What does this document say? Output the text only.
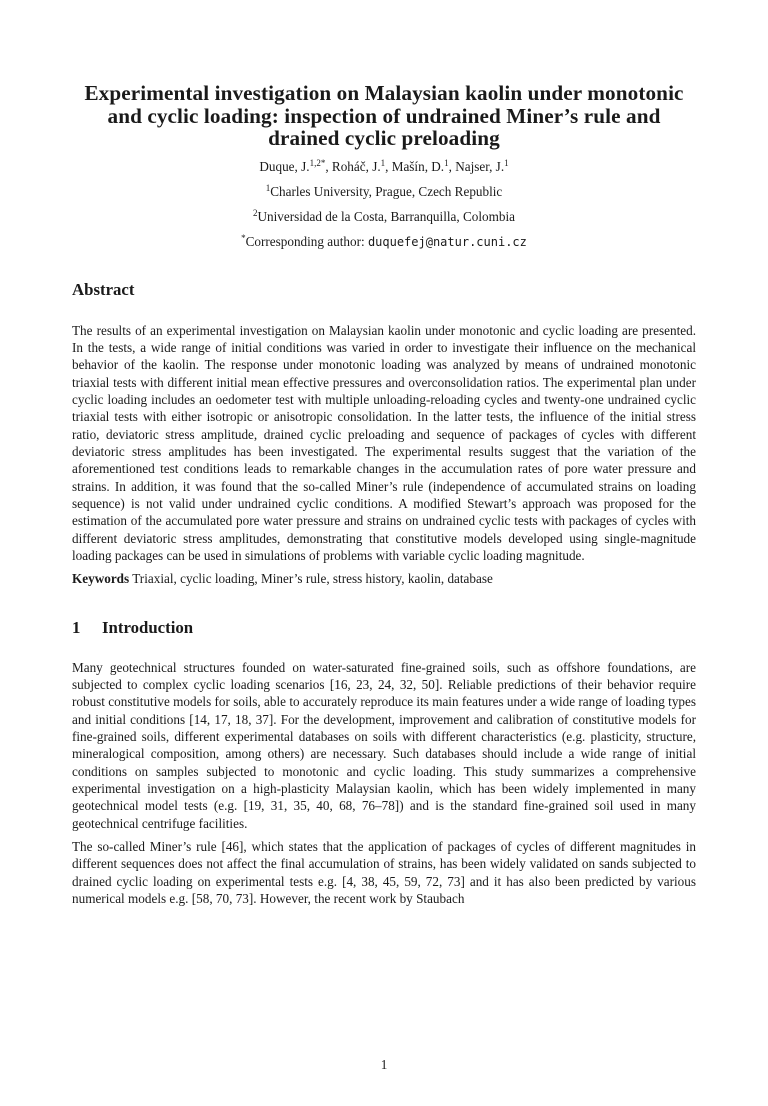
Experimental investigation on Malaysian kaolin under monotonic and cyclic loading: inspection of undrained Miner’s rule and drained cyclic preloading
Duque, J.$^{1,2*}$, Roháč, J.$^1$, Mašín, D.$^1$, Najser, J.$^1$
$^1$Charles University, Prague, Czech Republic
$^2$Universidad de la Costa, Barranquilla, Colombia
*Corresponding author: duquefej@natur.cuni.cz
Abstract

The results of an experimental investigation on Malaysian kaolin under monotonic and cyclic loading are presented. In the tests, a wide range of initial conditions was varied in order to investigate their influence on the mechanical behavior of the kaolin. The response under monotonic loading was analyzed by means of undrained monotonic triaxial tests with different initial mean effective pressures and overconsolidation ratios. The experimental plan under cyclic loading includes an oedometer test with multiple unloading-reloading cycles and twenty-one undrained cyclic triaxial tests with either isotropic or anisotropic consolidation. In the latter tests, the influence of the initial stress ratio, deviatoric stress amplitude, drained cyclic preloading and sequence of packages of cycles with different deviatoric stress amplitudes has been investigated. The experimental results suggest that the variation of the aforementioned test conditions leads to remarkable changes in the accumulation rates of pore water pressure and strains. In addition, it was found that the so-called Miner’s rule (independence of accumulated strains on loading sequence) is not valid under undrained cyclic conditions. A modified Stewart’s approach was proposed for the estimation of the accumulated pore water pressure and strains on undrained cyclic tests with packages of cycles with different deviatoric stress amplitudes, demonstrating that constitutive models developed using single-magnitude loading packages can be used in simulations of problems with variable cyclic loading magnitude.

Keywords Triaxial, cyclic loading, Miner’s rule, stress history, kaolin, database

1 Introduction

Many geotechnical structures founded on water-saturated fine-grained soils, such as offshore foundations, are subjected to complex cyclic loading scenarios [16, 23, 24, 32, 50]. Reliable predictions of their behavior require robust constitutive models for soils, able to accurately reproduce its main features under a wide range of loading types and initial conditions [14, 17, 18, 37]. For the development, improvement and calibration of constitutive models for fine-grained soils, different experimental databases on soils with different characteristics (e.g. plasticity, structure, mineralogical composition, among others) are necessary. Such databases should include a wide range of initial conditions on samples subjected to monotonic and cyclic loading. This study summarizes a comprehensive experimental investigation on a high-plasticity Malaysian kaolin, which has been widely implemented in many geotechnical model tests (e.g. [19, 31, 35, 40, 68, 76–78]) and is the standard fine-grained soil used in many geotechnical centrifuge facilities.

The so-called Miner’s rule [46], which states that the application of packages of cycles of different magnitudes in different sequences does not affect the final accumulation of strains, has been widely validated on sands subjected to drained cyclic loading on experimental tests e.g. [4, 38, 45, 59, 72, 73] and it has also been predicted by various numerical models e.g. [58, 70, 73]. However, the recent work by Staubach

1
